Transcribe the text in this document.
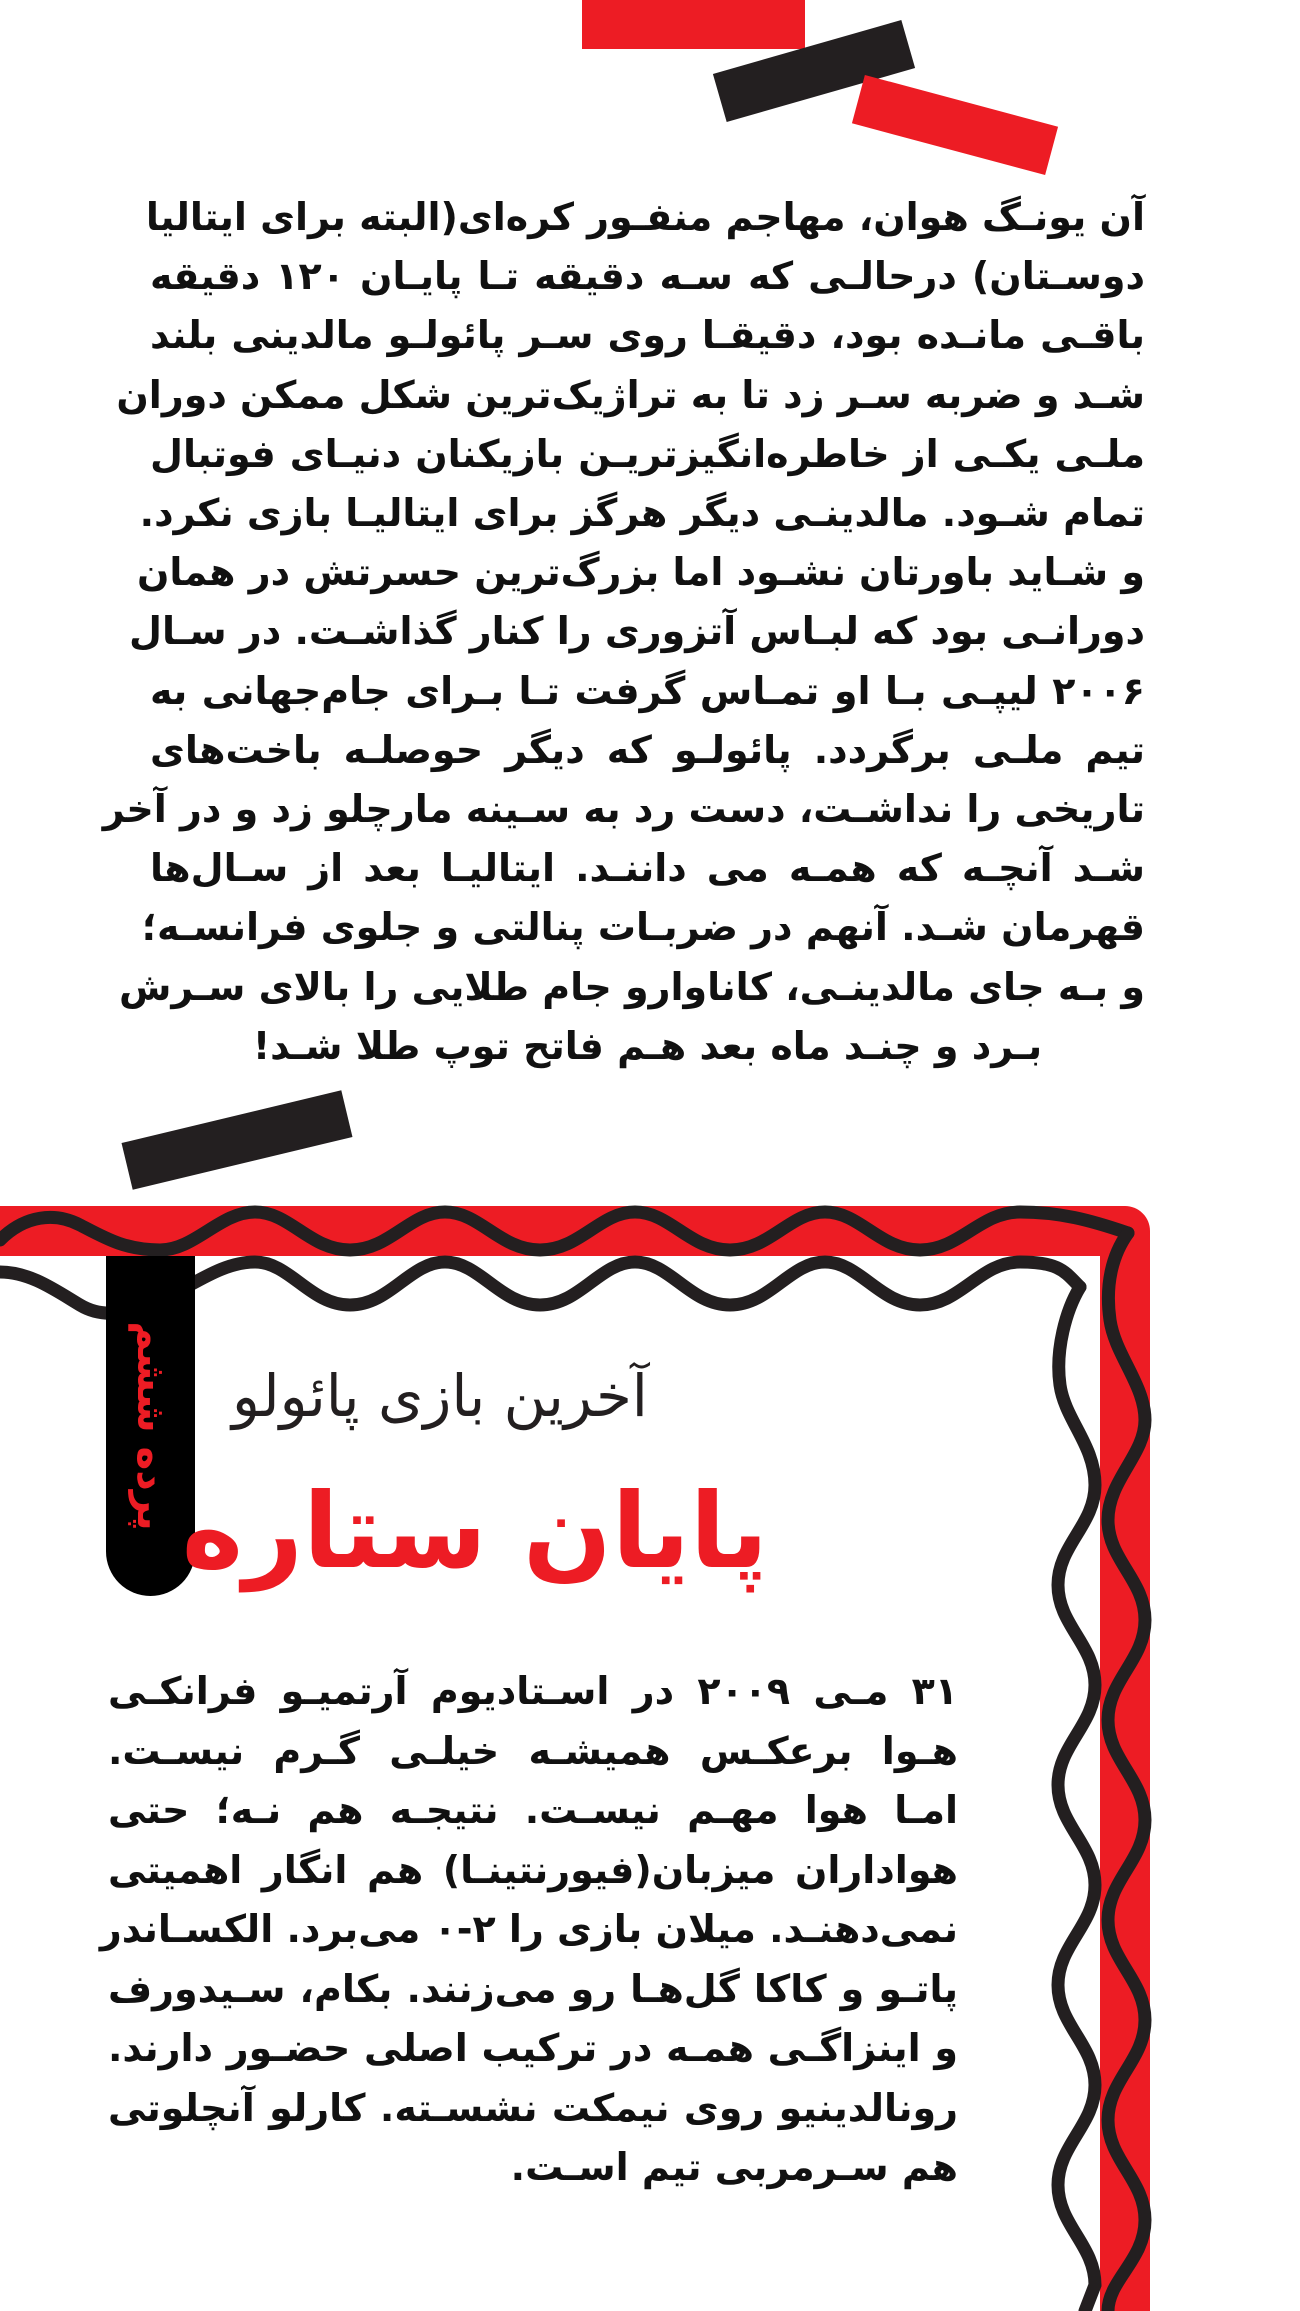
آن یونـگ هوان، مهاجم منفـور کره‌ای(البته برای ایتالیا
دوسـتان) درحالـی که سـه دقیقه تـا پایـان ۱۲۰ دقیقه
باقـی مانـده بود، دقیقـا روی سـر پائولـو مالدینی بلند
شـد و ضربه سـر زد تا به تراژیک‌ترین شکل ممکن دوران
ملـی یکـی از خاطره‌انگیزتریـن بازیکنان دنیـای فوتبال
تمام شـود. مالدینـی دیگر هرگز برای ایتالیـا بازی نکرد.
و شـاید باورتان نشـود اما بزرگ‌ترین حسرتش در همان
دورانـی بود که لبـاس آتزوری را کنار گذاشـت. در سـال
۲۰۰۶ لیپـی بـا او تمـاس گرفت تـا بـرای جام‌جهانی به
تیم ملـی برگردد. پائولـو که دیگر حوصلـه باخت‌های
تاریخی را نداشـت، دست رد به سـینه مارچلو زد و در آخر
شـد آنچـه که همـه می داننـد. ایتالیـا بعد از سـال‌ها
قهرمان شـد. آنهم در ضربـات پنالتی و جلوی فرانسـه؛
و بـه جای مالدینـی، کاناوارو جام طلایی را بالای سـرش
بـرد و چنـد ماه بعد هـم فاتح توپ طلا شـد!

پرده ششم آخرین بازی پائولو
پایان ستاره

۳۱ مـی ۲۰۰۹ در اسـتادیوم آرتمیـو فرانکـی
هـوا برعکـس همیشـه خیلـی گـرم نیسـت.
امـا هوا مهـم نیسـت. نتیجـه هم نـه؛ حتی
هواداران میزبان(فیورنتینـا) هم انگار اهمیتی
نمی‌دهنـد. میلان بازی را ۲-۰ می‌برد. الکسـاندر
پاتـو و کاکا گل‌هـا رو می‌زنند. بکام، سـیدورف
و اینزاگـی همـه در ترکیب اصلی حضـور دارند.
رونالدینیو روی نیمکت نشسـته. کارلو آنچلوتی
هم سـرمربی تیم اسـت.
